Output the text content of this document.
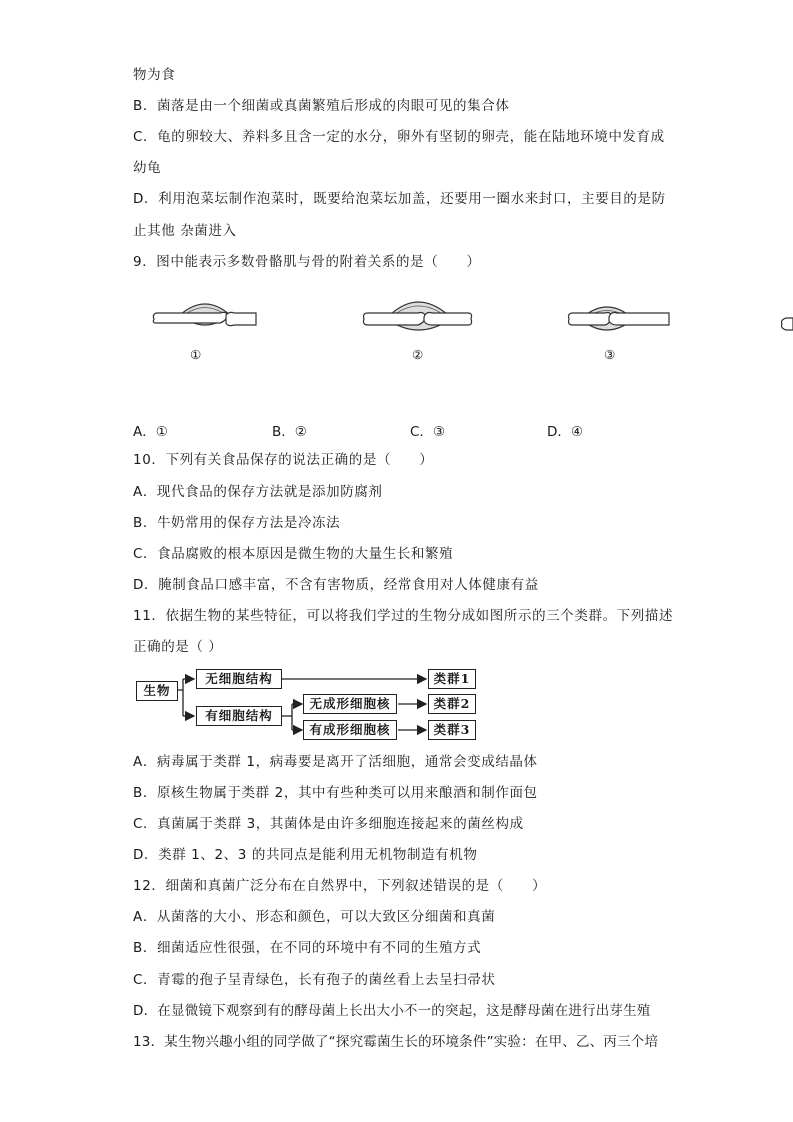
物为食
B．菌落是由一个细菌或真菌繁殖后形成的肉眼可见的集合体
C．龟的卵较大、养料多且含一定的水分，卵外有坚韧的卵壳，能在陆地环境中发育成
幼龟
D．利用泡菜坛制作泡菜时，既要给泡菜坛加盖，还要用一圈水来封口，主要目的是防
止其他 杂菌进入
9．图中能表示多数骨骼肌与骨的附着关系的是（　　）
①	②	③
A．①	B．②	C．③	D．④
10．下列有关食品保存的说法正确的是（　　）
A．现代食品的保存方法就是添加防腐剂
B．牛奶常用的保存方法是冷冻法
C．食品腐败的根本原因是微生物的大量生长和繁殖
D．腌制食品口感丰富，不含有害物质，经常食用对人体健康有益
11．依据生物的某些特征，可以将我们学过的生物分成如图所示的三个类群。下列描述
正确的是（ ）
生物
无细胞结构
有细胞结构
无成形细胞核
有成形细胞核
类群1
类群2
类群3
A．病毒属于类群 1，病毒要是离开了活细胞，通常会变成结晶体
B．原核生物属于类群 2，其中有些种类可以用来酿酒和制作面包
C．真菌属于类群 3，其菌体是由许多细胞连接起来的菌丝构成
D．类群 1、2、3 的共同点是能利用无机物制造有机物
12．细菌和真菌广泛分布在自然界中，下列叙述错误的是（　　）
A．从菌落的大小、形态和颜色，可以大致区分细菌和真菌
B．细菌适应性很强，在不同的环境中有不同的生殖方式
C．青霉的孢子呈青绿色，长有孢子的菌丝看上去呈扫帚状
D．在显微镜下观察到有的酵母菌上长出大小不一的突起，这是酵母菌在进行出芽生殖
13．某生物兴趣小组的同学做了“探究霉菌生长的环境条件”实验：在甲、乙、丙三个培
